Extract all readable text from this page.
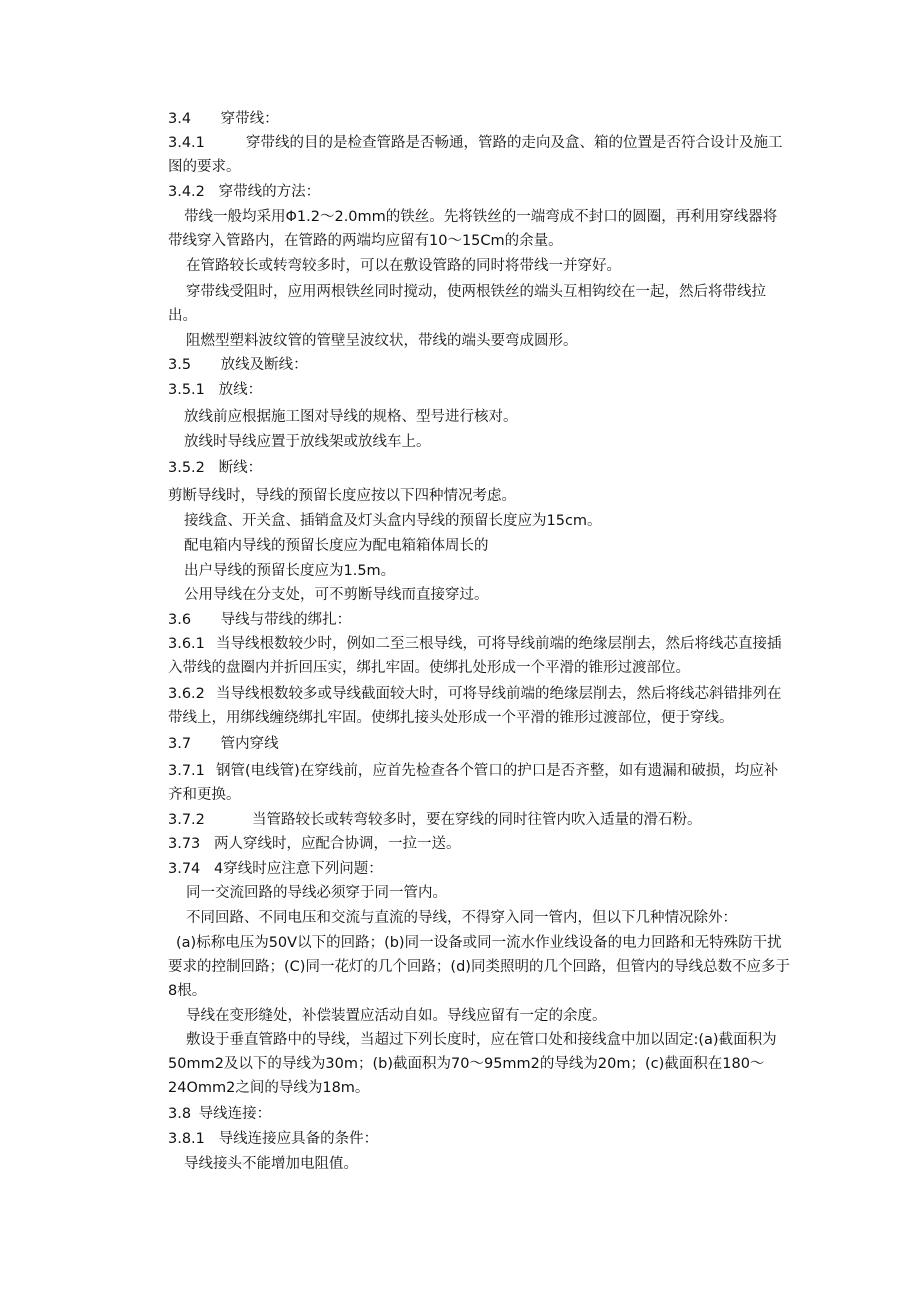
3.4 穿带线：
3.4.1	穿带线的目的是检查管路是否畅通，管路的走向及盒、箱的位置是否符合设计及施工图的要求。
3.4.2 穿带线的方法：
带线一般均采用Φ1.2～2.0mm的铁丝。先将铁丝的一端弯成不封口的圆圈，再利用穿线器将带线穿入管路内，在管路的两端均应留有10～15Cm的余量。
在管路较长或转弯较多时，可以在敷设管路的同时将带线一并穿好。
穿带线受阻时，应用两根铁丝同时搅动，使两根铁丝的端头互相钩绞在一起，然后将带线拉出。
阻燃型塑料波纹管的管壁呈波纹状，带线的端头要弯成圆形。
3.5 放线及断线：
3.5.1 放线：
放线前应根据施工图对导线的规格、型号进行核对。
放线时导线应置于放线架或放线车上。
3.5.2 断线：
剪断导线时，导线的预留长度应按以下四种情况考虑。
接线盒、开关盒、插销盒及灯头盒内导线的预留长度应为15cm。
配电箱内导线的预留长度应为配电箱箱体周长的
出户导线的预留长度应为1.5m。
公用导线在分支处，可不剪断导线而直接穿过。
3.6 导线与带线的绑扎：
3.6.1 当导线根数较少时，例如二至三根导线，可将导线前端的绝缘层削去，然后将线芯直接插入带线的盘圈内并折回压实，绑扎牢固。使绑扎处形成一个平滑的锥形过渡部位。
3.6.2 当导线根数较多或导线截面较大时，可将导线前端的绝缘层削去，然后将线芯斜错排列在带线上，用绑线缠绕绑扎牢固。使绑扎接头处形成一个平滑的锥形过渡部位，便于穿线。
3.7 管内穿线
3.7.1 钢管(电线管)在穿线前，应首先检查各个管口的护口是否齐整，如有遗漏和破损，均应补齐和更换。
3.7.2	当管路较长或转弯较多时，要在穿线的同时往管内吹入适量的滑石粉。
3.73 两人穿线时，应配合协调，一拉一送。
3.74 4穿线时应注意下列问题：
同一交流回路的导线必须穿于同一管内。
不同回路、不同电压和交流与直流的导线，不得穿入同一管内，但以下几种情况除外：
(a)标称电压为50V以下的回路；(b)同一设备或同一流水作业线设备的电力回路和无特殊防干扰要求的控制回路；(C)同一花灯的几个回路；(d)同类照明的几个回路，但管内的导线总数不应多于8根。
导线在变形缝处，补偿装置应活动自如。导线应留有一定的余度。
敷设于垂直管路中的导线，当超过下列长度时，应在管口处和接线盒中加以固定:(a)截面积为50mm2及以下的导线为30m；(b)截面积为70～95mm2的导线为20m；(c)截面积在180～24Omm2之间的导线为18m。
3.8 导线连接：
3.8.1 导线连接应具备的条件：
导线接头不能增加电阻值。
